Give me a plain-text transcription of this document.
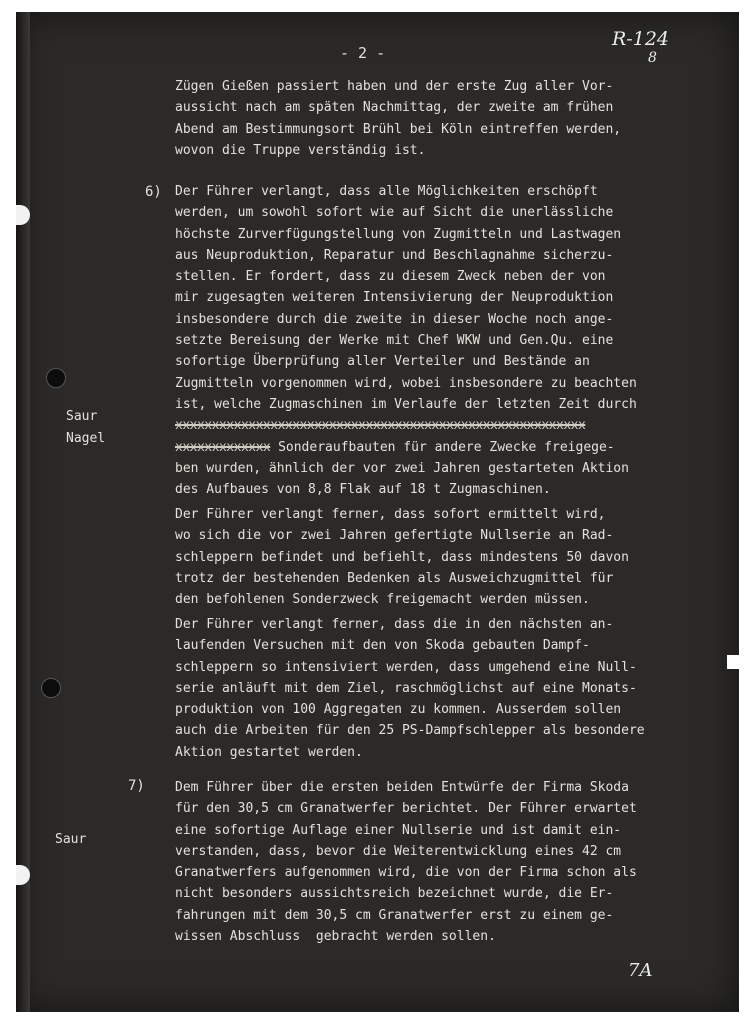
- 2 -
R-124
8
Zügen Gießen passiert haben und der erste Zug aller Vor-
aussicht nach am späten Nachmittag, der zweite am frühen
Abend am Bestimmungsort Brühl bei Köln eintreffen werden,
wovon die Truppe verständig ist.
6) Der Führer verlangt, dass alle Möglichkeiten erschöpft
werden, um sowohl sofort wie auf Sicht die unerlässliche
höchste Zurverfügungstellung von Zugmitteln und Lastwagen
aus Neuproduktion, Reparatur und Beschlagnahme sicherzu-
stellen. Er fordert, dass zu diesem Zweck neben der von
mir zugesagten weiteren Intensivierung der Neuproduktion
insbesondere durch die zweite in dieser Woche noch ange-
setzte Bereisung der Werke mit Chef WKW und Gen.Qu. eine
sofortige Überprüfung aller Verteiler und Bestände an
Zugmitteln vorgenommen wird, wobei insbesondere zu beachten
ist, welche Zugmaschinen im Verlaufe der letzten Zeit durch
xxxxxxxxxxxxxxxxxxxxxxxxxxxxxxxxxxxxxxxxxxxxxxxxxxxxxxxx
xxxxxxxxxxxxx Sonderaufbauten für andere Zwecke freigege-
ben wurden, ähnlich der vor zwei Jahren gestarteten Aktion
des Aufbaues von 8,8 Flak auf 18 t Zugmaschinen.
Saur
Nagel
Der Führer verlangt ferner, dass sofort ermittelt wird,
wo sich die vor zwei Jahren gefertigte Nullserie an Rad-
schleppern befindet und befiehlt, dass mindestens 50 davon
trotz der bestehenden Bedenken als Ausweichzugmittel für
den befohlenen Sonderzweck freigemacht werden müssen.
Der Führer verlangt ferner, dass die in den nächsten an-
laufenden Versuchen mit den von Skoda gebauten Dampf-
schleppern so intensiviert werden, dass umgehend eine Null-
serie anläuft mit dem Ziel, raschmöglichst auf eine Monats-
produktion von 100 Aggregaten zu kommen. Ausserdem sollen
auch die Arbeiten für den 25 PS-Dampfschlepper als besondere
Aktion gestartet werden.
7) Dem Führer über die ersten beiden Entwürfe der Firma Skoda
für den 30,5 cm Granatwerfer berichtet. Der Führer erwartet
eine sofortige Auflage einer Nullserie und ist damit ein-
verstanden, dass, bevor die Weiterentwicklung eines 42 cm
Granatwerfers aufgenommen wird, die von der Firma schon als
nicht besonders aussichtsreich bezeichnet wurde, die Er-
fahrungen mit dem 30,5 cm Granatwerfer erst zu einem ge-
wissen Abschluss  gebracht werden sollen.
Saur
7A
